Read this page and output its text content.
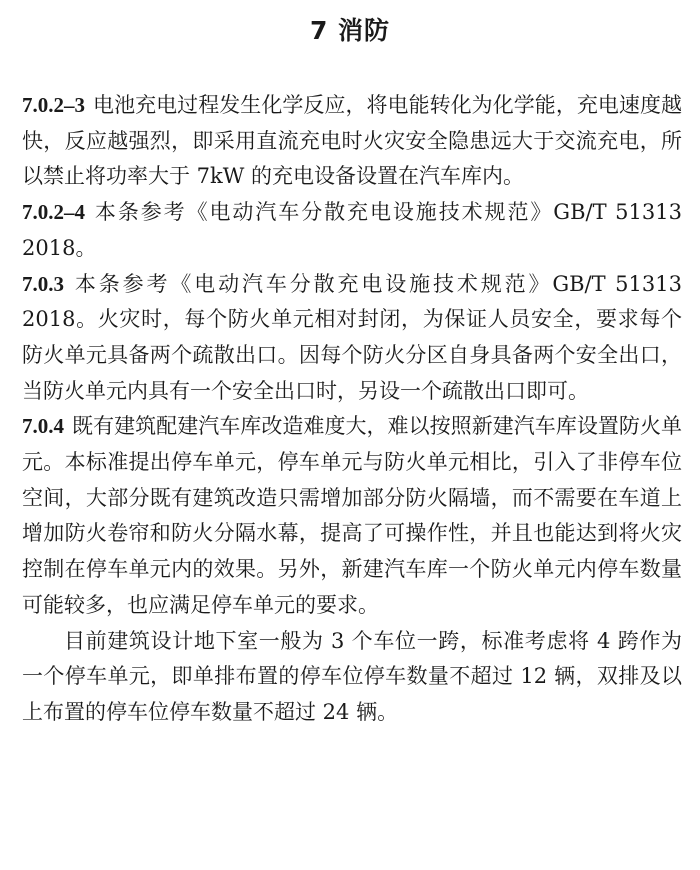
7 消防

7.0.2–3 电池充电过程发生化学反应，将电能转化为化学能，充电速度越快，反应越强烈，即采用直流充电时火灾安全隐患远大于交流充电，所以禁止将功率大于 7kW 的充电设备设置在汽车库内。

7.0.2–4 本条参考《电动汽车分散充电设施技术规范》GB/T 51313 2018。

7.0.3 本条参考《电动汽车分散充电设施技术规范》GB/T 51313 2018。火灾时，每个防火单元相对封闭，为保证人员安全，要求每个防火单元具备两个疏散出口。因每个防火分区自身具备两个安全出口，当防火单元内具有一个安全出口时，另设一个疏散出口即可。

7.0.4 既有建筑配建汽车库改造难度大，难以按照新建汽车库设置防火单元。本标准提出停车单元，停车单元与防火单元相比，引入了非停车位空间，大部分既有建筑改造只需增加部分防火隔墙，而不需要在车道上增加防火卷帘和防火分隔水幕，提高了可操作性，并且也能达到将火灾控制在停车单元内的效果。另外，新建汽车库一个防火单元内停车数量可能较多，也应满足停车单元的要求。

目前建筑设计地下室一般为 3 个车位一跨，标准考虑将 4 跨作为一个停车单元，即单排布置的停车位停车数量不超过 12 辆，双排及以上布置的停车位停车数量不超过 24 辆。
